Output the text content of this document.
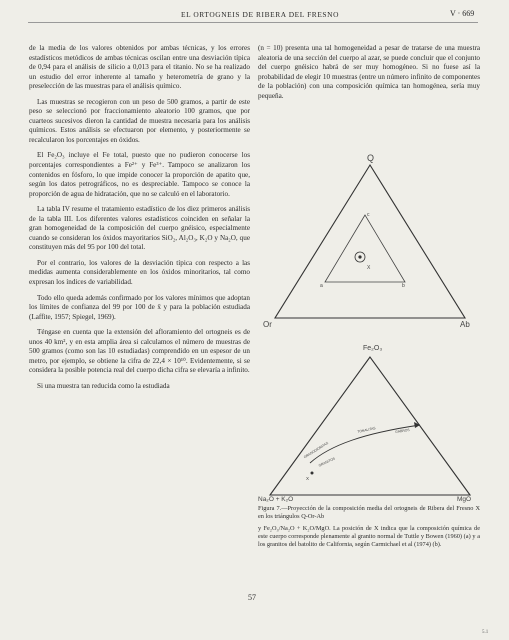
EL ORTOGNEIS DE RIBERA DEL FRESNO	V · 669

de la media de los valores obtenidos por ambas técnicas, y los errores estadísticos metódicos de ambas técnicas oscilan entre una desviación típica de 0,94 para el análisis de silicio a 0,013 para el titanio. No se ha realizado un estudio del error inherente al tamaño y heterometría de grano y la preselección de las muestras para el análisis químico.

Las muestras se recogieron con un peso de 500 gramos, a partir de este peso se seleccionó por fraccionamiento aleatorio 100 gramos, que por cuarteos sucesivos dieron la cantidad de muestra necesaria para los análisis químicos. Estos análisis se efectuaron por elemento, y posteriormente se recalcularon los porcentajes en óxidos.

El Fe₂O₃ incluye el Fe total, puesto que no pudieron conocerse los porcentajes correspondientes a Fe²⁺ y Fe³⁺. Tampoco se analizaron los contenidos en fósforo, lo que impide conocer la proporción de apatito que, según los datos petrográficos, no es despreciable. Tampoco se conoce la proporción de agua de hidratación, que no se calculó en el laboratorio.

La tabla IV resume el tratamiento estadístico de los diez primeros análisis de la tabla III. Los diferentes valores estadísticos coinciden en señalar la gran homogeneidad de la composición del cuerpo gnéisico, especialmente cuando se consideran los óxidos mayoritarios SiO₂, Al₂O₃, K₂O y Na₂O, que constituyen más del 95 por 100 del total.

Por el contrario, los valores de la desviación típica con respecto a las medidas aumenta considerablemente en los óxidos minoritarios, tal como expresan los índices de variabilidad.

Todo ello queda además confirmado por los valores mínimos que adoptan los límites de confianza del 99 por 100 de x̄ y para la población estudiada (Laffite, 1957; Spiegel, 1969).

Téngase en cuenta que la extensión del afloramiento del ortogneis es de unos 40 km², y en esta amplia área si calculamos el número de muestras de 500 gramos (como son las 10 estudiadas) comprendido en un espesor de un metro, por ejemplo, se obtiene la cifra de 22,4 × 10¹⁰. Evidentemente, si se considera la posible potencia real del cuerpo dicha cifra se elevaría a infinito.

Si una muestra tan reducida como la estudiada

(n = 10) presenta una tal homogeneidad a pesar de tratarse de una muestra aleatoria de una sección del cuerpo al azar, se puede concluir que el conjunto del cuerpo gnéisico habrá de ser muy homogéneo. Si no fuese así la probabilidad de elegir 10 muestras (entre un número infinito de componentes de la población) con una composición química tan homogénea, sería muy pequeña.

Q
Or	Ab
c
a	b
X
Fe₂O₃
Na₂O + K₂O	MgO
X
GRANODIORITAS
TONALITAS	GABROS
GRANITOS

Figura 7.—Proyección de la composición media del ortogneis de Ribera del Fresno X en los triángulos Q-Or-Ab

y Fe₂O₃/Na₂O + K₂O/MgO. La posición de X indica que la composición química de este cuerpo corresponde plenamente al granito normal de Tuttle y Bowen (1960) (a) y a los granitos del batolito de California, según Carmichael et al (1974) (b).

57
5.1
